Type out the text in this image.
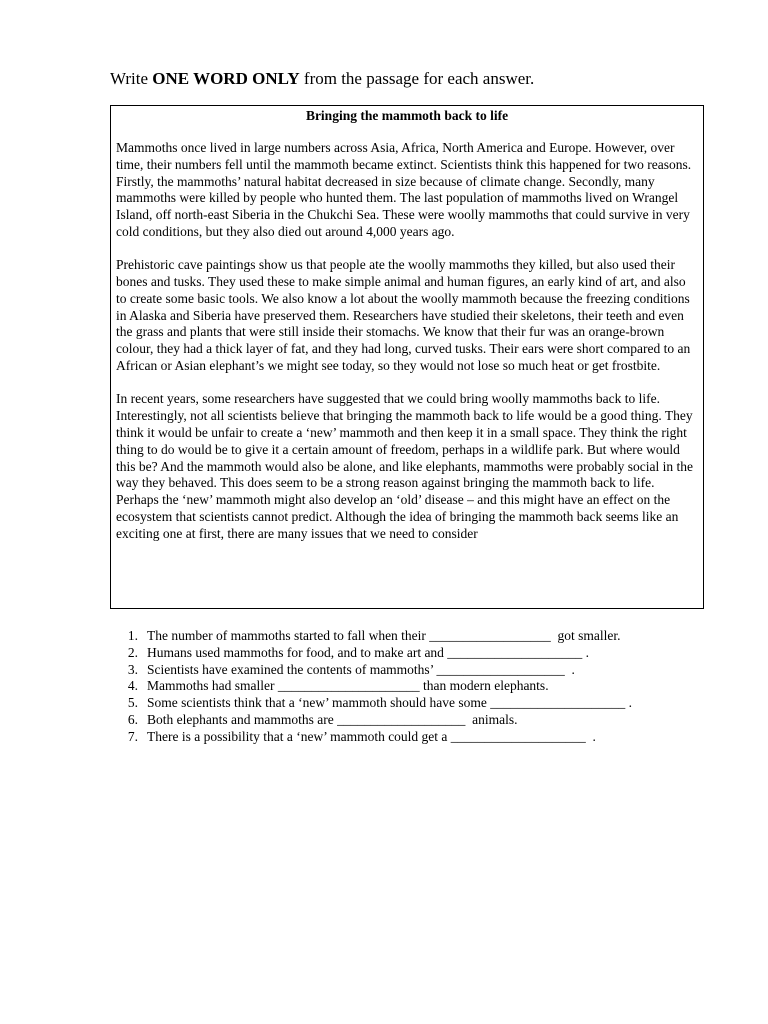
Write ONE WORD ONLY from the passage for each answer.
Bringing the mammoth back to life

Mammoths once lived in large numbers across Asia, Africa, North America and Europe. However, over time, their numbers fell until the mammoth became extinct. Scientists think this happened for two reasons. Firstly, the mammoths’ natural habitat decreased in size because of climate change. Secondly, many mammoths were killed by people who hunted them. The last population of mammoths lived on Wrangel Island, off north-east Siberia in the Chukchi Sea. These were woolly mammoths that could survive in very cold conditions, but they also died out around 4,000 years ago.

Prehistoric cave paintings show us that people ate the woolly mammoths they killed, but also used their bones and tusks. They used these to make simple animal and human figures, an early kind of art, and also to create some basic tools. We also know a lot about the woolly mammoth because the freezing conditions in Alaska and Siberia have preserved them. Researchers have studied their skeletons, their teeth and even the grass and plants that were still inside their stomachs. We know that their fur was an orange-brown colour, they had a thick layer of fat, and they had long, curved tusks. Their ears were short compared to an African or Asian elephant’s we might see today, so they would not lose so much heat or get frostbite.

In recent years, some researchers have suggested that we could bring woolly mammoths back to life. Interestingly, not all scientists believe that bringing the mammoth back to life would be a good thing. They think it would be unfair to create a ‘new’ mammoth and then keep it in a small space. They think the right thing to do would be to give it a certain amount of freedom, perhaps in a wildlife park. But where would this be? And the mammoth would also be alone, and like elephants, mammoths were probably social in the way they behaved. This does seem to be a strong reason against bringing the mammoth back to life. Perhaps the ‘new’ mammoth might also develop an ‘old’ disease – and this might have an effect on the ecosystem that scientists cannot predict. Although the idea of bringing the mammoth back seems like an exciting one at first, there are many issues that we need to consider

1. The number of mammoths started to fall when their __________________  got smaller.
2. Humans used mammoths for food, and to make art and ____________________ .
3. Scientists have examined the contents of mammoths’ ___________________  .
4. Mammoths had smaller _____________________ than modern elephants.
5. Some scientists think that a ‘new’ mammoth should have some ____________________ .
6. Both elephants and mammoths are ___________________  animals.
7. There is a possibility that a ‘new’ mammoth could get a ____________________  .
